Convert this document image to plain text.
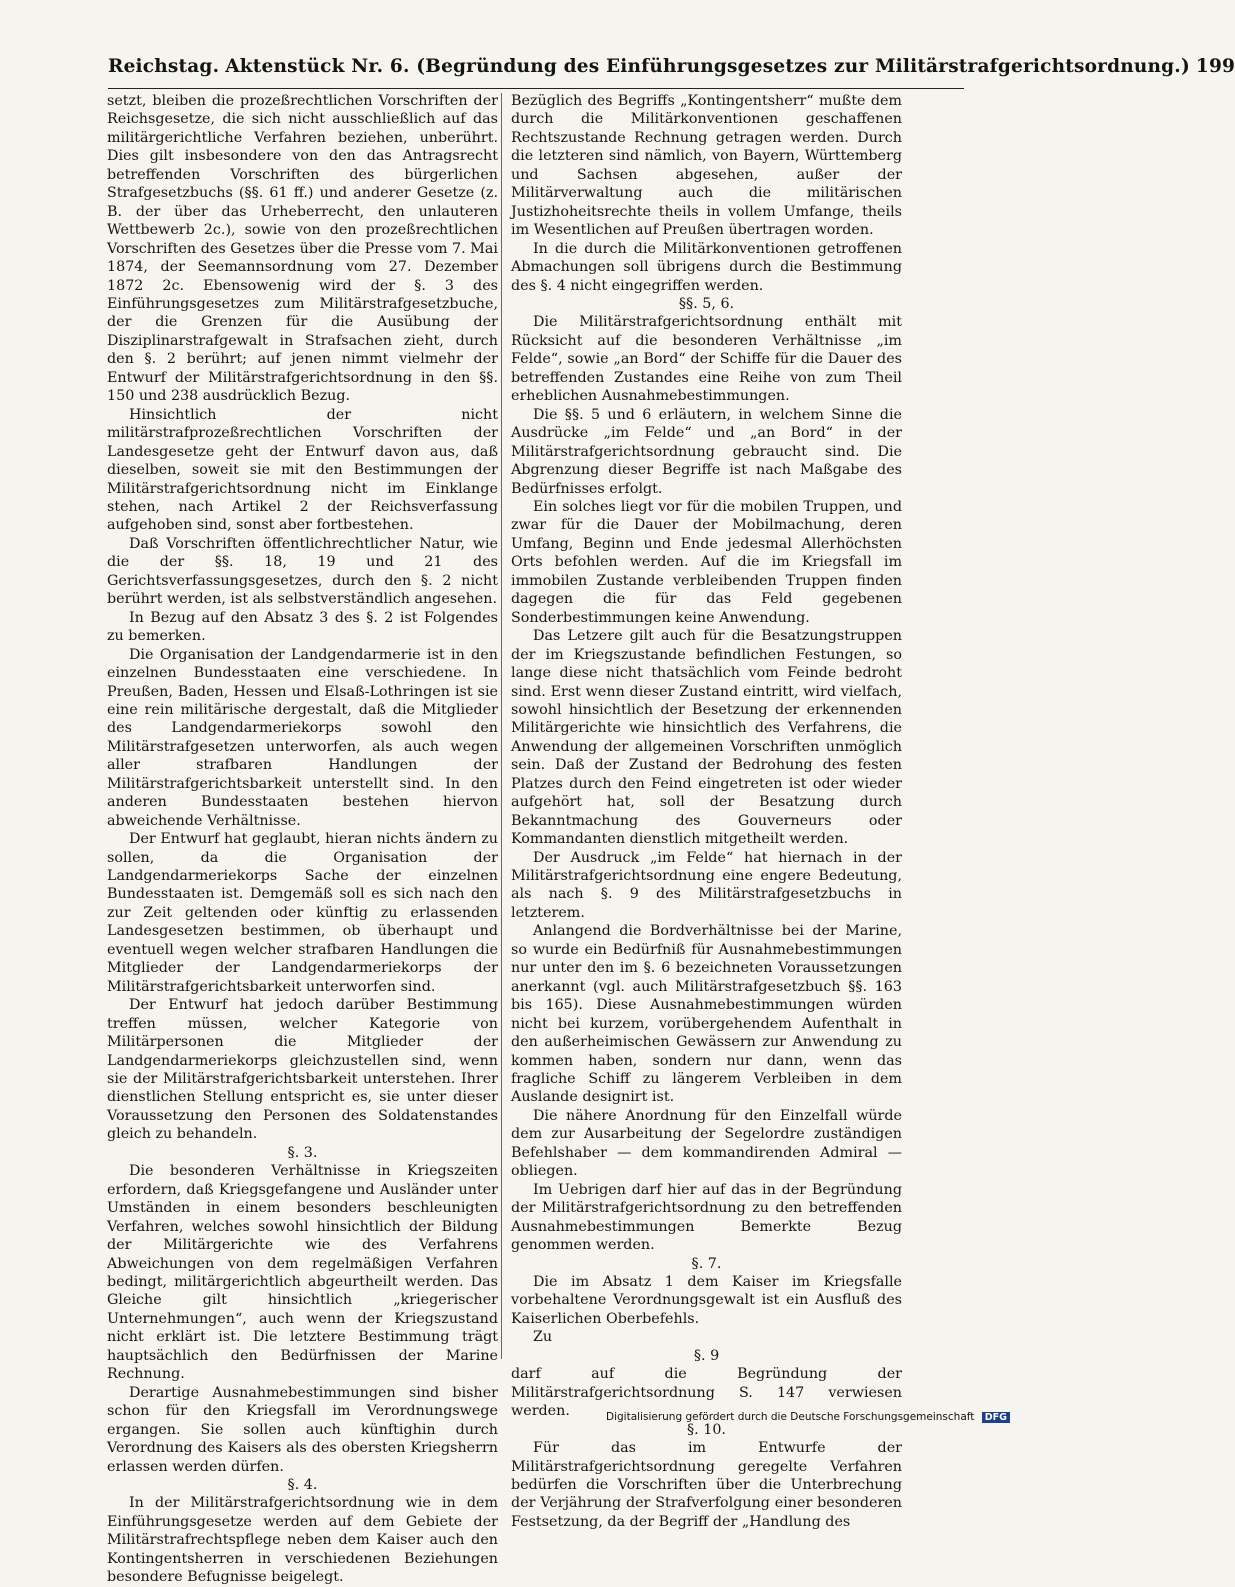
Reichstag. Aktenstück Nr. 6. (Begründung des Einführungsgesetzes zur Militärstrafgerichtsordnung.) 199

setzt, bleiben die prozeßrechtlichen Vorschriften der Reichsgesetze, die sich nicht ausschließlich auf das militärgerichtliche Verfahren beziehen, unberührt. Dies gilt insbesondere von den das Antragsrecht betreffenden Vorschriften des bürgerlichen Strafgesetzbuchs (§§. 61 ff.) und anderer Gesetze (z. B. der über das Urheberrecht, den unlauteren Wettbewerb 2c.), sowie von den prozeßrechtlichen Vorschriften des Gesetzes über die Presse vom 7. Mai 1874, der Seemannsordnung vom 27. Dezember 1872 2c. Ebensowenig wird der §. 3 des Einführungsgesetzes zum Militärstrafgesetzbuche, der die Grenzen für die Ausübung der Disziplinarstrafgewalt in Strafsachen zieht, durch den §. 2 berührt; auf jenen nimmt vielmehr der Entwurf der Militärstrafgerichtsordnung in den §§. 150 und 238 ausdrücklich Bezug.

Hinsichtlich der nicht militärstrafprozeßrechtlichen Vorschriften der Landesgesetze geht der Entwurf davon aus, daß dieselben, soweit sie mit den Bestimmungen der Militärstrafgerichtsordnung nicht im Einklange stehen, nach Artikel 2 der Reichsverfassung aufgehoben sind, sonst aber fortbestehen.

Daß Vorschriften öffentlichrechtlicher Natur, wie die der §§. 18, 19 und 21 des Gerichtsverfassungsgesetzes, durch den §. 2 nicht berührt werden, ist als selbstverständlich angesehen.

In Bezug auf den Absatz 3 des §. 2 ist Folgendes zu bemerken.

Die Organisation der Landgendarmerie ist in den einzelnen Bundesstaaten eine verschiedene. In Preußen, Baden, Hessen und Elsaß-Lothringen ist sie eine rein militärische dergestalt, daß die Mitglieder des Landgendarmeriekorps sowohl den Militärstrafgesetzen unterworfen, als auch wegen aller strafbaren Handlungen der Militärstrafgerichtsbarkeit unterstellt sind. In den anderen Bundesstaaten bestehen hiervon abweichende Verhältnisse.

Der Entwurf hat geglaubt, hieran nichts ändern zu sollen, da die Organisation der Landgendarmeriekorps Sache der einzelnen Bundesstaaten ist. Demgemäß soll es sich nach den zur Zeit geltenden oder künftig zu erlassenden Landesgesetzen bestimmen, ob überhaupt und eventuell wegen welcher strafbaren Handlungen die Mitglieder der Landgendarmeriekorps der Militärstrafgerichtsbarkeit unterworfen sind.

Der Entwurf hat jedoch darüber Bestimmung treffen müssen, welcher Kategorie von Militärpersonen die Mitglieder der Landgendarmeriekorps gleichzustellen sind, wenn sie der Militärstrafgerichtsbarkeit unterstehen. Ihrer dienstlichen Stellung entspricht es, sie unter dieser Voraussetzung den Personen des Soldatenstandes gleich zu behandeln.

§. 3.

Die besonderen Verhältnisse in Kriegszeiten erfordern, daß Kriegsgefangene und Ausländer unter Umständen in einem besonders beschleunigten Verfahren, welches sowohl hinsichtlich der Bildung der Militärgerichte wie des Verfahrens Abweichungen von dem regelmäßigen Verfahren bedingt, militärgerichtlich abgeurtheilt werden. Das Gleiche gilt hinsichtlich „kriegerischer Unternehmungen“, auch wenn der Kriegszustand nicht erklärt ist. Die letztere Bestimmung trägt hauptsächlich den Bedürfnissen der Marine Rechnung.

Derartige Ausnahmebestimmungen sind bisher schon für den Kriegsfall im Verordnungswege ergangen. Sie sollen auch künftighin durch Verordnung des Kaisers als des obersten Kriegsherrn erlassen werden dürfen.

§. 4.

In der Militärstrafgerichtsordnung wie in dem Einführungsgesetze werden auf dem Gebiete der Militärstrafrechtspflege neben dem Kaiser auch den Kontingentsherren in verschiedenen Beziehungen besondere Befugnisse beigelegt.

Bezüglich des Begriffs „Kontingentsherr“ mußte dem durch die Militärkonventionen geschaffenen Rechtszustande Rechnung getragen werden. Durch die letzteren sind nämlich, von Bayern, Württemberg und Sachsen abgesehen, außer der Militärverwaltung auch die militärischen Justizhoheitsrechte theils in vollem Umfange, theils im Wesentlichen auf Preußen übertragen worden.

In die durch die Militärkonventionen getroffenen Abmachungen soll übrigens durch die Bestimmung des §. 4 nicht eingegriffen werden.

§§. 5, 6.

Die Militärstrafgerichtsordnung enthält mit Rücksicht auf die besonderen Verhältnisse „im Felde“, sowie „an Bord“ der Schiffe für die Dauer des betreffenden Zustandes eine Reihe von zum Theil erheblichen Ausnahmebestimmungen.

Die §§. 5 und 6 erläutern, in welchem Sinne die Ausdrücke „im Felde“ und „an Bord“ in der Militärstrafgerichtsordnung gebraucht sind. Die Abgrenzung dieser Begriffe ist nach Maßgabe des Bedürfnisses erfolgt.

Ein solches liegt vor für die mobilen Truppen, und zwar für die Dauer der Mobilmachung, deren Umfang, Beginn und Ende jedesmal Allerhöchsten Orts befohlen werden. Auf die im Kriegsfall im immobilen Zustande verbleibenden Truppen finden dagegen die für das Feld gegebenen Sonderbestimmungen keine Anwendung.

Das Letzere gilt auch für die Besatzungstruppen der im Kriegszustande befindlichen Festungen, so lange diese nicht thatsächlich vom Feinde bedroht sind. Erst wenn dieser Zustand eintritt, wird vielfach, sowohl hinsichtlich der Besetzung der erkennenden Militärgerichte wie hinsichtlich des Verfahrens, die Anwendung der allgemeinen Vorschriften unmöglich sein. Daß der Zustand der Bedrohung des festen Platzes durch den Feind eingetreten ist oder wieder aufgehört hat, soll der Besatzung durch Bekanntmachung des Gouverneurs oder Kommandanten dienstlich mitgetheilt werden.

Der Ausdruck „im Felde“ hat hiernach in der Militärstrafgerichtsordnung eine engere Bedeutung, als nach §. 9 des Militärstrafgesetzbuchs in letzterem.

Anlangend die Bordverhältnisse bei der Marine, so wurde ein Bedürfniß für Ausnahmebestimmungen nur unter den im §. 6 bezeichneten Voraussetzungen anerkannt (vgl. auch Militärstrafgesetzbuch §§. 163 bis 165). Diese Ausnahmebestimmungen würden nicht bei kurzem, vorübergehendem Aufenthalt in den außerheimischen Gewässern zur Anwendung zu kommen haben, sondern nur dann, wenn das fragliche Schiff zu längerem Verbleiben in dem Auslande designirt ist.

Die nähere Anordnung für den Einzelfall würde dem zur Ausarbeitung der Segelordre zuständigen Befehlshaber — dem kommandirenden Admiral — obliegen.

Im Uebrigen darf hier auf das in der Begründung der Militärstrafgerichtsordnung zu den betreffenden Ausnahmebestimmungen Bemerkte Bezug genommen werden.

§. 7.

Die im Absatz 1 dem Kaiser im Kriegsfalle vorbehaltene Verordnungsgewalt ist ein Ausfluß des Kaiserlichen Oberbefehls.

Zu

§. 9

darf auf die Begründung der Militärstrafgerichtsordnung S. 147 verwiesen werden.

§. 10.

Für das im Entwurfe der Militärstrafgerichtsordnung geregelte Verfahren bedürfen die Vorschriften über die Unterbrechung der Verjährung der Strafverfolgung einer besonderen Festsetzung, da der Begriff der „Handlung des

Digitalisierung gefördert durch die Deutsche Forschungsgemeinschaft DFG
